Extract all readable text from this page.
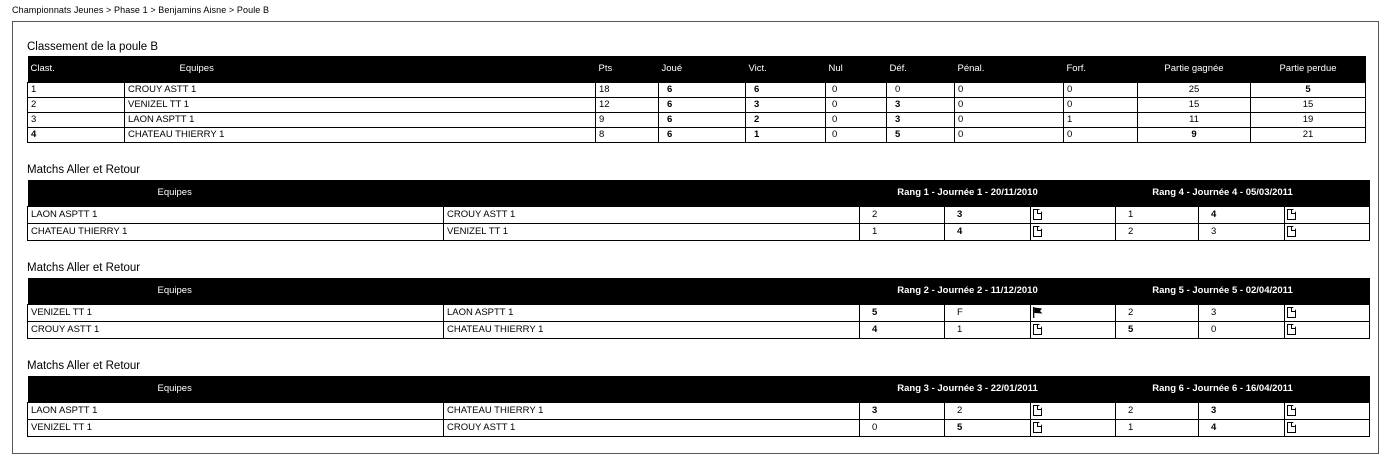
Championnats Jeunes > Phase 1 > Benjamins Aisne > Poule B
Classement de la poule B
Clast.	Equipes	Pts	Joué	Vict.	Nul	Déf.	Pénal.	Forf.	Partie gagnée	Partie perdue
1	CROUY ASTT 1	18	6	6	0	0	0	0	25	5
2	VENIZEL TT 1	12	6	3	0	3	0	0	15	15
3	LAON ASPTT 1	9	6	2	0	3	0	1	11	19
4	CHATEAU THIERRY 1	8	6	1	0	5	0	0	9	21
Matchs Aller et Retour
Equipes		Rang 1 - Journée 1 - 20/11/2010			Rang 4 - Journée 4 - 05/03/2011		
LAON ASPTT 1	CROUY ASTT 1	2	3		1	4	
CHATEAU THIERRY 1	VENIZEL TT 1	1	4		2	3	
Matchs Aller et Retour
Equipes		Rang 2 - Journée 2 - 11/12/2010			Rang 5 - Journée 5 - 02/04/2011		
VENIZEL TT 1	LAON ASPTT 1	5	F		2	3	
CROUY ASTT 1	CHATEAU THIERRY 1	4	1		5	0	
Matchs Aller et Retour
Equipes		Rang 3 - Journée 3 - 22/01/2011			Rang 6 - Journée 6 - 16/04/2011		
LAON ASPTT 1	CHATEAU THIERRY 1	3	2		2	3	
VENIZEL TT 1	CROUY ASTT 1	0	5		1	4	
